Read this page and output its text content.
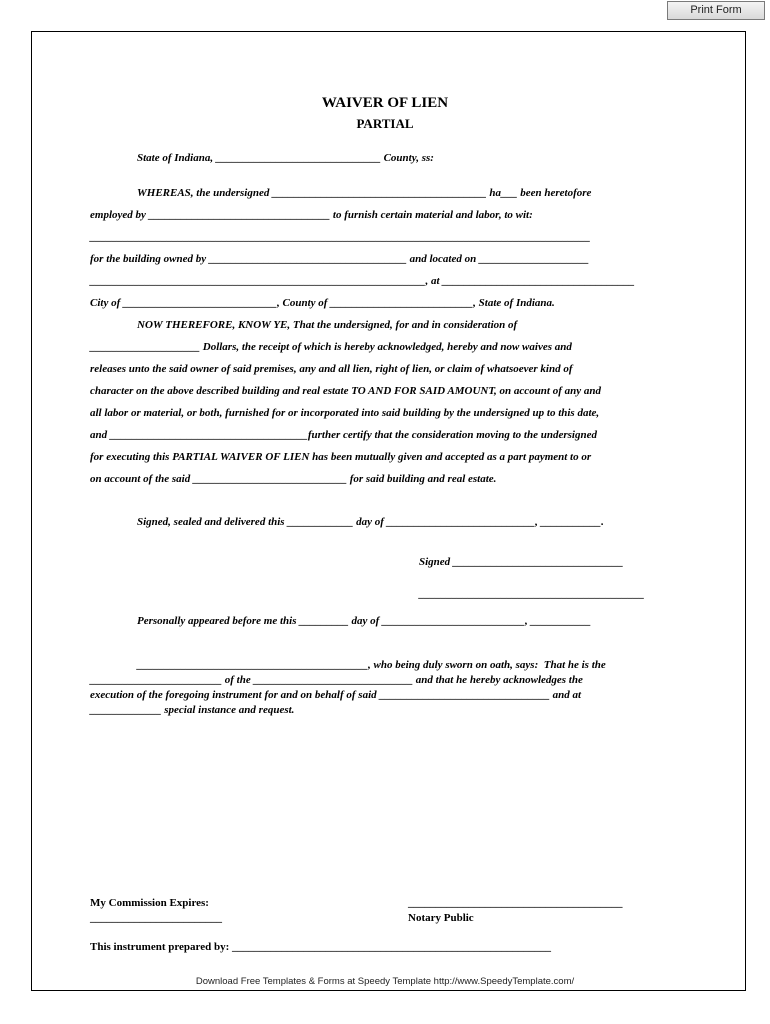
Print Form
WAIVER OF LIEN
PARTIAL
State of Indiana, ______________________________ County, ss:
WHEREAS, the undersigned _______________________________________ ha___ been heretofore
employed by _________________________________ to furnish certain material and labor, to wit:
___________________________________________________________________________________________
for the building owned by ____________________________________ and located on ____________________
_____________________________________________________________, at ___________________________________
City of ____________________________, County of __________________________, State of Indiana.
NOW THEREFORE, KNOW YE, That the undersigned, for and in consideration of
____________________ Dollars, the receipt of which is hereby acknowledged, hereby and now waives and
releases unto the said owner of said premises, any and all lien, right of lien, or claim of whatsoever kind of
character on the above described building and real estate TO AND FOR SAID AMOUNT, on account of any and
all labor or material, or both, furnished for or incorporated into said building by the undersigned up to this date,
and ____________________________________further certify that the consideration moving to the undersigned
for executing this PARTIAL WAIVER OF LIEN has been mutually given and accepted as a part payment to or
on account of the said ____________________________ for said building and real estate.
Signed, sealed and delivered this ____________ day of ___________________________, ___________.
Signed _______________________________
_________________________________________
Personally appeared before me this _________ day of __________________________, ___________
__________________________________________, who being duly sworn on oath, says:  That he is the
________________________ of the _____________________________ and that he hereby acknowledges the
execution of the foregoing instrument for and on behalf of said _______________________________ and at
_____________ special instance and request.
My Commission Expires:
________________________
_______________________________________
Notary Public
This instrument prepared by: __________________________________________________________
Download Free Templates & Forms at Speedy Template http://www.SpeedyTemplate.com/
